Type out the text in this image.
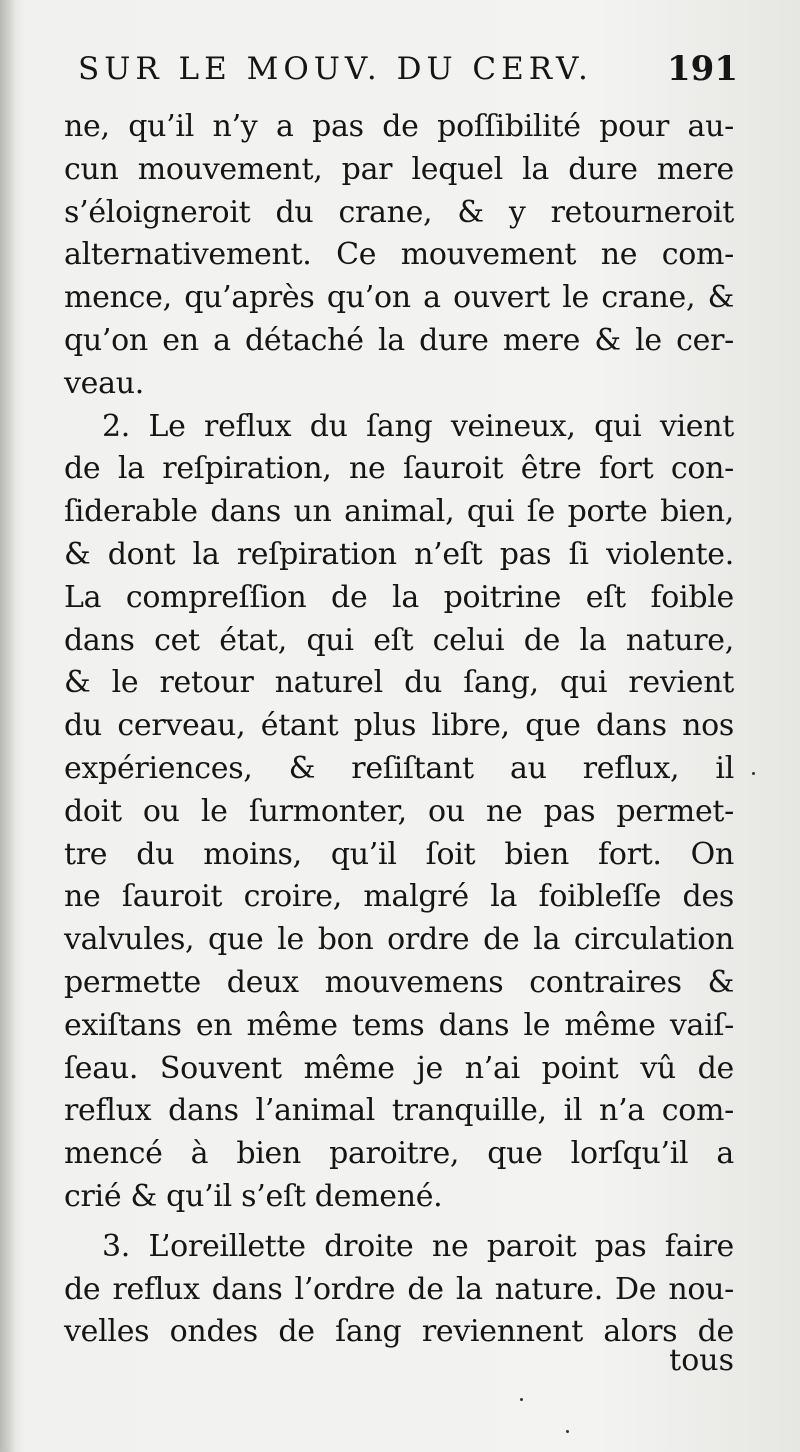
SUR LE MOUV. DU CERV. 191
ne, qu’il n’y a pas de poſſibilité pour au-
cun mouvement, par lequel la dure mere
s’éloigneroit du crane, & y retourneroit
alternativement. Ce mouvement ne com-
mence, qu’après qu’on a ouvert le crane, &
qu’on en a détaché la dure mere & le cer-
veau.
2. Le reflux du ſang veineux, qui vient
de la reſpiration, ne ſauroit être fort con-
ſiderable dans un animal, qui ſe porte bien,
& dont la reſpiration n’eſt pas ſi violente.
La compreſſion de la poitrine eſt foible
dans cet état, qui eſt celui de la nature,
& le retour naturel du ſang, qui revient
du cerveau, étant plus libre, que dans nos
expériences, & reſiſtant au reflux, il
doit ou le ſurmonter, ou ne pas permet-
tre du moins, qu’il ſoit bien fort. On
ne ſauroit croire, malgré la foibleſſe des
valvules, que le bon ordre de la circulation
permette deux mouvemens contraires &
exiſtans en même tems dans le même vaiſ-
ſeau. Souvent même je n’ai point vû de
reflux dans l’animal tranquille, il n’a com-
mencé à bien paroitre, que lorſqu’il a
crié & qu’il s’eſt demené.
3. L’oreillette droite ne paroit pas faire
de reflux dans l’ordre de la nature. De nou-
velles ondes de ſang reviennent alors de
tous
